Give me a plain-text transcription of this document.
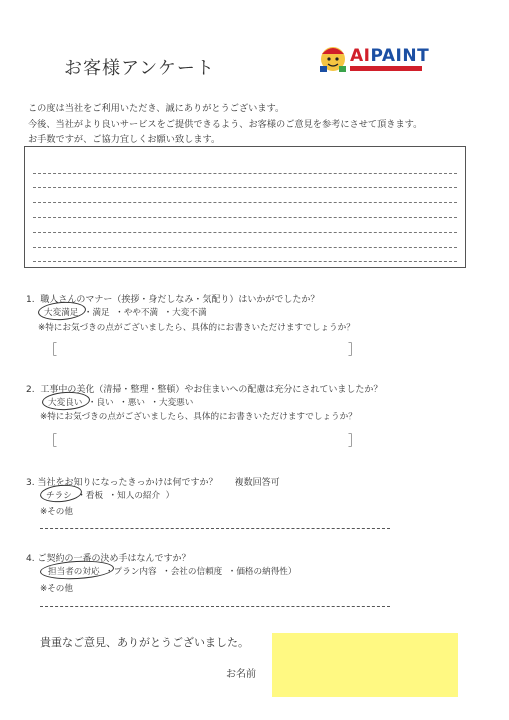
お客様アンケート
AIPAINT
この度は当社をご利用いただき、誠にありがとうございます。
今後、当社がより良いサービスをご提供できるよう、お客様のご意見を参考にさせて頂きます。
お手数ですが、ご協力宜しくお願い致します。
1. 職人さんのマナー（挨拶・身だしなみ・気配り）はいかがでしたか？
大変満足 ・満足 ・やや不満 ・大変不満
※特にお気づきの点がございましたら、具体的にお書きいただけますでしょうか？
［	］
2. 工事中の美化（清掃・整理・整頓）やお住まいへの配慮は充分にされていましたか？
大変良い ・良い ・悪い ・大変悪い
※特にお気づきの点がございましたら、具体的にお書きいただけますでしょうか？
［	］
3. 当社をお知りになったきっかけは何ですか？ 複数回答可
チラシ ・看板 ・知人の紹介 ）
※その他
4. ご契約の一番の決め手はなんですか？
担当者の対応 ・プラン内容 ・会社の信頼度 ・価格の納得性）
※その他
貴重なご意見、ありがとうございました。
お名前
